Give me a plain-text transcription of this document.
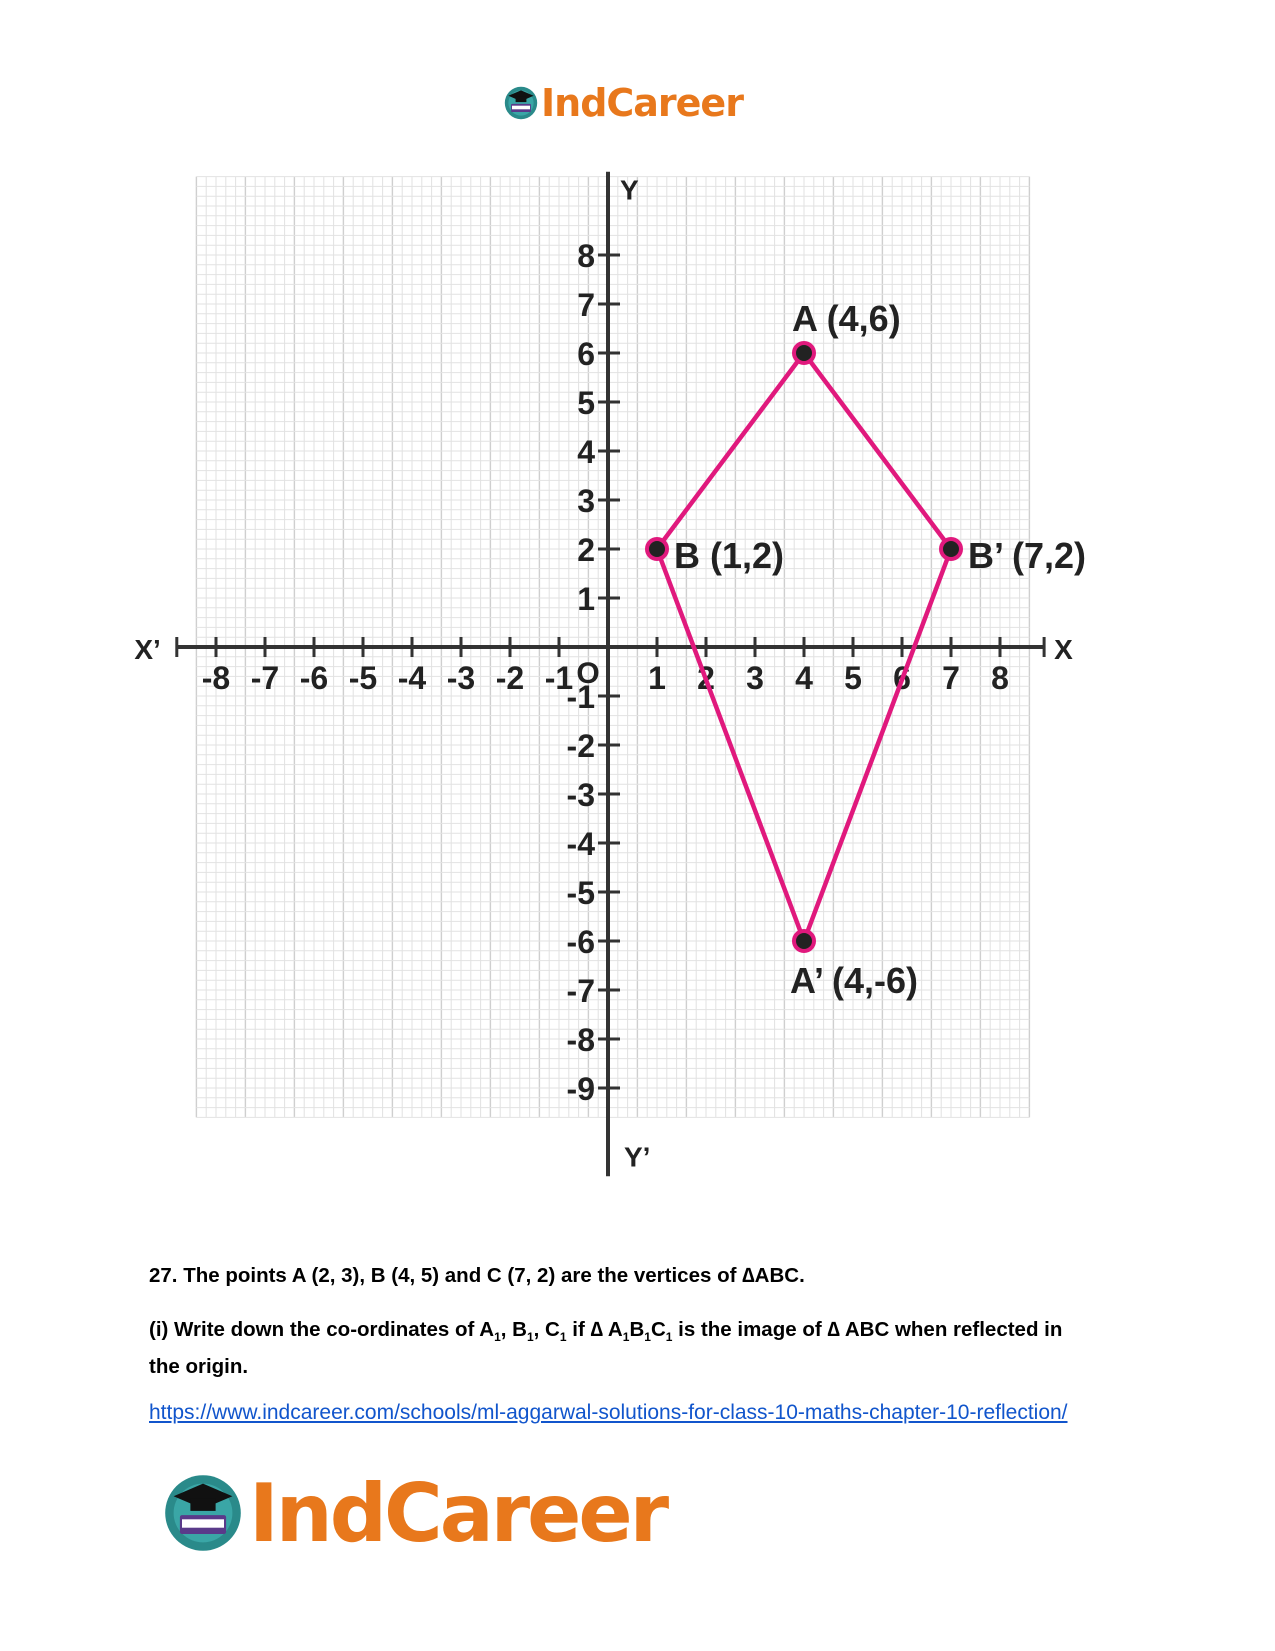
IndCareer
-8 -7 -6 -5 -4 -3 -2 -1 1 2 3 4 5 6 7 8
8
7
6
5
4
3
2
1
-1
-2
-3
-4
-5
-6
-7
-8
-9
X
X’
Y
Y’
O
A (4,6)
B (1,2)	B’ (7,2)
A’ (4,-6)
27. The points A (2, 3), B (4, 5) and C (7, 2) are the vertices of ∆ABC.
(i) Write down the co-ordinates of $A_1$, $B_1$, $C_1$ if ∆ $A_1B_1C_1$ is the image of ∆ ABC when reflected in the origin.
https://www.indcareer.com/schools/ml-aggarwal-solutions-for-class-10-maths-chapter-10-reflection/
IndCareer
